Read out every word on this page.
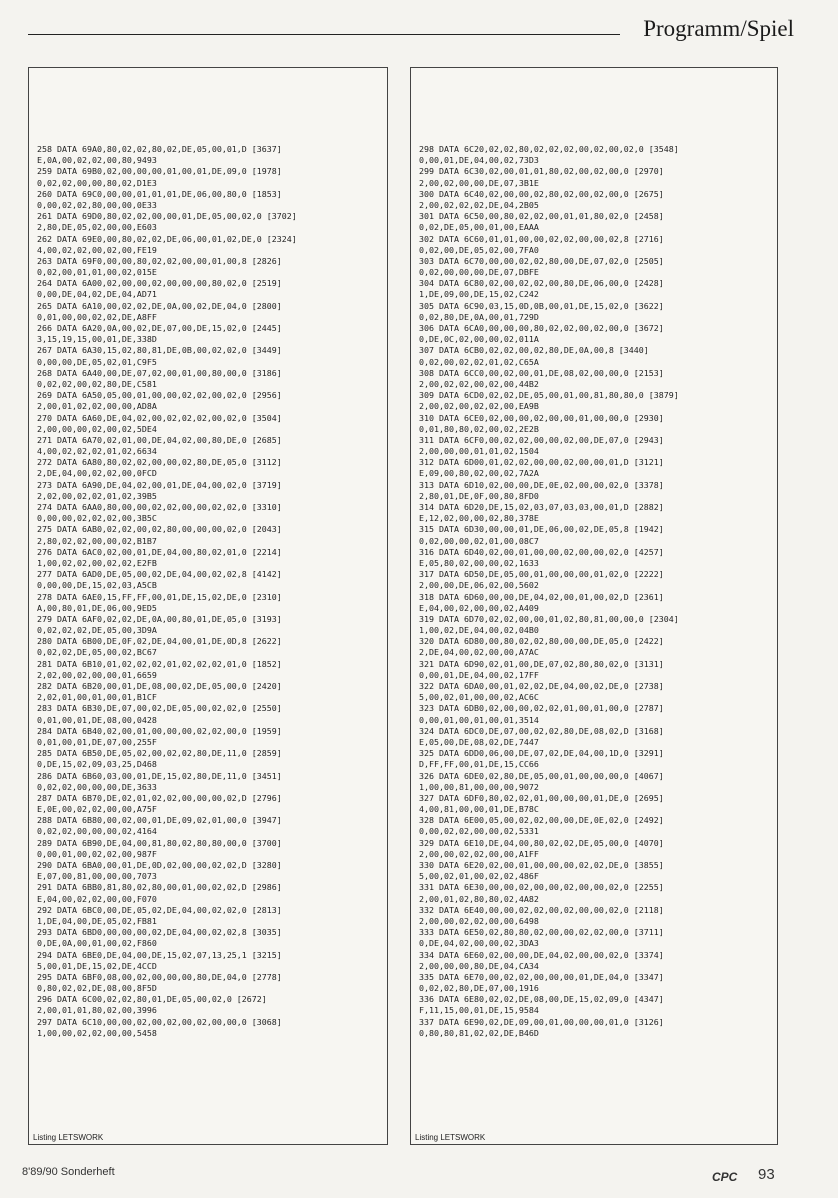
Programm/Spiel
258 DATA 69A0,80,02,02,80,02,DE,05,00,01,D [3637]
E,0A,00,02,02,00,80,9493
259 DATA 69B0,02,00,00,00,01,00,01,DE,09,0 [1978]
0,02,02,00,00,80,02,D1E3
260 DATA 69C0,00,00,01,01,01,DE,06,00,80,0 [1853]
0,00,02,02,80,00,00,0E33
261 DATA 69D0,80,02,02,00,00,01,DE,05,00,02,0 [3702]
2,80,DE,05,02,00,00,E603
262 DATA 69E0,00,80,02,02,DE,06,00,01,02,DE,0 [2324]
4,00,02,02,00,02,00,FE19
263 DATA 69F0,00,00,80,02,02,00,00,01,00,8 [2826]
0,02,00,01,01,00,02,015E
264 DATA 6A00,02,00,00,02,00,00,00,80,02,0 [2519]
0,00,DE,04,02,DE,04,AD71
265 DATA 6A10,00,02,02,DE,0A,00,02,DE,04,0 [2800]
0,01,00,00,02,02,DE,A8FF
266 DATA 6A20,0A,00,02,DE,07,00,DE,15,02,0 [2445]
3,15,19,15,00,01,DE,338D
267 DATA 6A30,15,02,80,81,DE,0B,00,02,02,0 [3449]
0,00,00,DE,05,02,01,C9F5
268 DATA 6A40,00,DE,07,02,00,01,00,80,00,0 [3186]
0,02,02,00,02,80,DE,C581
269 DATA 6A50,05,00,01,00,00,02,02,00,02,0 [2956]
2,00,01,02,02,00,00,AD8A
270 DATA 6A60,DE,04,02,00,02,02,02,00,02,0 [3504]
2,00,00,00,02,00,02,5DE4
271 DATA 6A70,02,01,00,DE,04,02,00,80,DE,0 [2685]
4,00,02,02,02,01,02,6634
272 DATA 6A80,80,02,02,00,00,02,80,DE,05,0 [3112]
2,DE,04,00,02,02,00,0FCD
273 DATA 6A90,DE,04,02,00,01,DE,04,00,02,0 [3719]
2,02,00,02,02,01,02,39B5
274 DATA 6AA0,80,00,00,02,02,00,00,02,02,0 [3310]
0,00,00,02,02,02,00,3B5C
275 DATA 6AB0,02,02,00,02,80,00,00,00,02,0 [2043]
2,80,02,02,00,00,02,B1B7
276 DATA 6AC0,02,00,01,DE,04,00,80,02,01,0 [2214]
1,00,02,02,00,02,02,E2FB
277 DATA 6AD0,DE,05,00,02,DE,04,00,02,02,8 [4142]
0,00,00,DE,15,02,03,A5CB
278 DATA 6AE0,15,FF,FF,00,01,DE,15,02,DE,0 [2310]
A,00,80,01,DE,06,00,9ED5
279 DATA 6AF0,02,02,DE,0A,00,80,01,DE,05,0 [3193]
0,02,02,02,DE,05,00,3D9A
280 DATA 6B00,DE,0F,02,DE,04,00,01,DE,0D,8 [2622]
0,02,02,DE,05,00,02,BC67
281 DATA 6B10,01,02,02,02,01,02,02,02,01,0 [1852]
2,02,00,02,00,00,01,6659
282 DATA 6B20,00,01,DE,08,00,02,DE,05,00,0 [2420]
2,02,01,00,01,00,01,B1CF
283 DATA 6B30,DE,07,00,02,DE,05,00,02,02,0 [2550]
0,01,00,01,DE,08,00,0428
284 DATA 6B40,02,00,01,00,00,00,02,02,00,0 [1959]
0,01,00,01,DE,07,00,255F
285 DATA 6B50,DE,05,02,00,02,02,80,DE,11,0 [2859]
0,DE,15,02,09,03,25,D468
286 DATA 6B60,03,00,01,DE,15,02,80,DE,11,0 [3451]
0,02,02,00,00,00,DE,3633
287 DATA 6B70,DE,02,01,02,02,00,00,00,02,D [2796]
E,0E,00,02,02,00,00,A75F
288 DATA 6B80,00,02,00,01,DE,09,02,01,00,0 [3947]
0,02,02,00,00,00,02,4164
289 DATA 6B90,DE,04,00,81,80,02,80,80,00,0 [3700]
0,00,01,00,02,02,00,987F
290 DATA 6BA0,00,01,DE,0D,02,00,00,02,02,D [3280]
E,07,00,81,00,00,00,7073
291 DATA 6BB0,81,80,02,80,00,01,00,02,02,D [2986]
E,04,00,02,02,00,00,F070
292 DATA 6BC0,00,DE,05,02,DE,04,00,02,02,0 [2813]
1,DE,04,00,DE,05,02,FB81
293 DATA 6BD0,00,00,00,02,DE,04,00,02,02,8 [3035]
0,DE,0A,00,01,00,02,F860
294 DATA 6BE0,DE,04,00,DE,15,02,07,13,25,1 [3215]
5,00,01,DE,15,02,DE,4CCD
295 DATA 6BF0,08,00,02,00,00,00,80,DE,04,0 [2778]
0,80,02,02,DE,08,00,8F5D
296 DATA 6C00,02,02,80,01,DE,05,00,02,0 [2672]
2,00,01,01,80,02,00,3996
297 DATA 6C10,00,00,02,00,02,00,02,00,00,0 [3068]
1,00,00,02,02,00,00,5458
Listing LETSWORK
298 DATA 6C20,02,02,80,02,02,02,00,02,00,02,0 [3548]
0,00,01,DE,04,00,02,73D3
299 DATA 6C30,02,00,01,01,80,02,00,02,00,0 [2970]
2,00,02,00,00,DE,07,3B1E
300 DATA 6C40,02,00,00,02,80,02,00,02,00,0 [2675]
2,00,02,02,02,DE,04,2B05
301 DATA 6C50,00,80,02,02,00,01,01,80,02,0 [2458]
0,02,DE,05,00,01,00,EAAA
302 DATA 6C60,01,01,00,00,02,02,00,00,02,8 [2716]
0,02,00,DE,05,02,00,7FA0
303 DATA 6C70,00,00,02,02,80,00,DE,07,02,0 [2505]
0,02,00,00,00,DE,07,DBFE
304 DATA 6C80,02,00,02,02,00,80,DE,06,00,0 [2428]
1,DE,09,00,DE,15,02,C242
305 DATA 6C90,03,15,0D,0B,00,01,DE,15,02,0 [3622]
0,02,80,DE,0A,00,01,729D
306 DATA 6CA0,00,00,00,80,02,02,00,02,00,0 [3672]
0,DE,0C,02,00,00,02,011A
307 DATA 6CB0,02,02,00,02,80,DE,0A,00,8 [3440]
0,02,00,02,02,01,02,C65A
308 DATA 6CC0,00,02,00,01,DE,08,02,00,00,0 [2153]
2,00,02,02,00,02,00,44B2
309 DATA 6CD0,02,02,DE,05,00,01,00,81,80,80,0 [3879]
2,00,02,00,02,02,00,EA9B
310 DATA 6CE0,02,00,00,02,00,00,01,00,00,0 [2930]
0,01,80,80,02,00,02,2E2B
311 DATA 6CF0,00,02,02,00,00,02,00,DE,07,0 [2943]
2,00,00,00,01,01,02,1504
312 DATA 6D00,01,02,02,00,00,02,00,00,01,D [3121]
E,09,00,80,02,00,02,7A2A
313 DATA 6D10,02,00,00,DE,0E,02,00,00,02,0 [3378]
2,80,01,DE,0F,00,80,8FD0
314 DATA 6D20,DE,15,02,03,07,03,03,00,01,D [2882]
E,12,02,00,00,02,80,378E
315 DATA 6D30,00,00,01,DE,06,00,02,DE,05,8 [1942]
0,02,00,00,02,01,00,08C7
316 DATA 6D40,02,00,01,00,00,02,00,00,02,0 [4257]
E,05,80,02,00,00,02,1633
317 DATA 6D50,DE,05,00,01,00,00,00,01,02,0 [2222]
2,00,00,DE,06,02,00,5602
318 DATA 6D60,00,00,DE,04,02,00,01,00,02,D [2361]
E,04,00,02,00,00,02,A409
319 DATA 6D70,02,02,00,00,01,02,80,81,00,00,0 [2304]
1,00,02,DE,04,00,02,04B0
320 DATA 6D80,00,80,02,02,80,00,00,DE,05,0 [2422]
2,DE,04,00,02,00,00,A7AC
321 DATA 6D90,02,01,00,DE,07,02,80,80,02,0 [3131]
0,00,01,DE,04,00,02,17FF
322 DATA 6DA0,00,01,02,02,DE,04,00,02,DE,0 [2738]
5,00,02,01,00,00,02,AC6C
323 DATA 6DB0,02,00,00,02,02,01,00,01,00,0 [2787]
0,00,01,00,01,00,01,3514
324 DATA 6DC0,DE,07,00,02,02,80,DE,08,02,D [3168]
E,05,00,DE,08,02,DE,7447
325 DATA 6DD0,06,00,DE,07,02,DE,04,00,1D,0 [3291]
D,FF,FF,00,01,DE,15,CC66
326 DATA 6DE0,02,80,DE,05,00,01,00,00,00,0 [4067]
1,00,00,81,00,00,00,9072
327 DATA 6DF0,80,02,02,01,00,00,00,01,DE,0 [2695]
4,00,81,00,00,01,DE,B78C
328 DATA 6E00,05,00,02,02,00,00,DE,0E,02,0 [2492]
0,00,02,02,00,00,02,5331
329 DATA 6E10,DE,04,00,80,02,02,DE,05,00,0 [4070]
2,00,00,02,02,00,00,A1FF
330 DATA 6E20,02,00,01,00,00,00,02,02,DE,0 [3855]
5,00,02,01,00,02,02,486F
331 DATA 6E30,00,00,02,00,00,02,00,00,02,0 [2255]
2,00,01,02,80,80,02,4A82
332 DATA 6E40,00,00,02,02,00,02,00,00,02,0 [2118]
2,00,00,02,02,00,00,6498
333 DATA 6E50,02,80,80,02,00,00,02,02,00,0 [3711]
0,DE,04,02,00,00,02,3DA3
334 DATA 6E60,02,00,00,DE,04,02,00,00,02,0 [3374]
2,00,00,00,80,DE,04,CA34
335 DATA 6E70,00,02,02,00,00,00,01,DE,04,0 [3347]
0,02,02,80,DE,07,00,1916
336 DATA 6E80,02,02,DE,08,00,DE,15,02,09,0 [4347]
F,11,15,00,01,DE,15,9584
337 DATA 6E90,02,DE,09,00,01,00,00,00,01,0 [3126]
0,80,80,81,02,02,DE,B46D
Listing LETSWORK
8'89/90 Sonderheft	CPC 93
